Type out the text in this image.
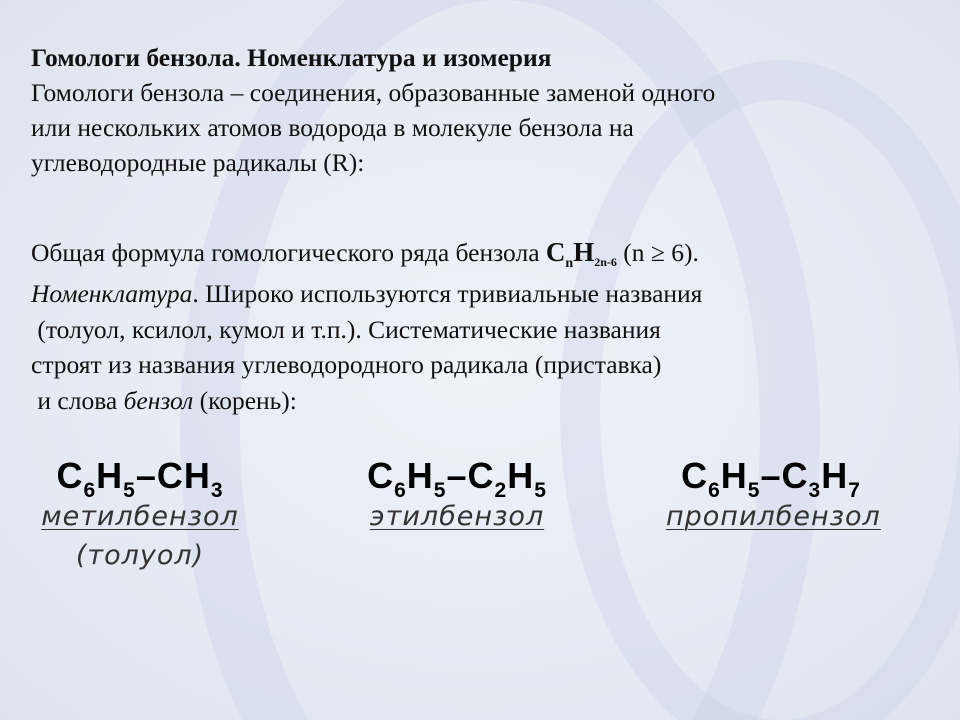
Гомологи бензола. Номенклатура и изомерия
Гомологи бензола – соединения, образованные заменой одного
или нескольких атомов водорода в молекуле бензола на
углеводородные радикалы (R):
Общая формула гомологического ряда бензола $C_nH2n-6$ (n ≥ 6).
Номенклатура. Широко используются тривиальные названия
(толуол, ксилол, кумол и т.п.). Систематические названия
строят из названия углеводородного радикала (приставка)
и слова бензол (корень):
$C_6H_5-CH_3$
метилбензол
(толуол)
$C_6H_5-C_2H_5$
этилбензол
$C_6H_5-C_3H_7$
пропилбензол
